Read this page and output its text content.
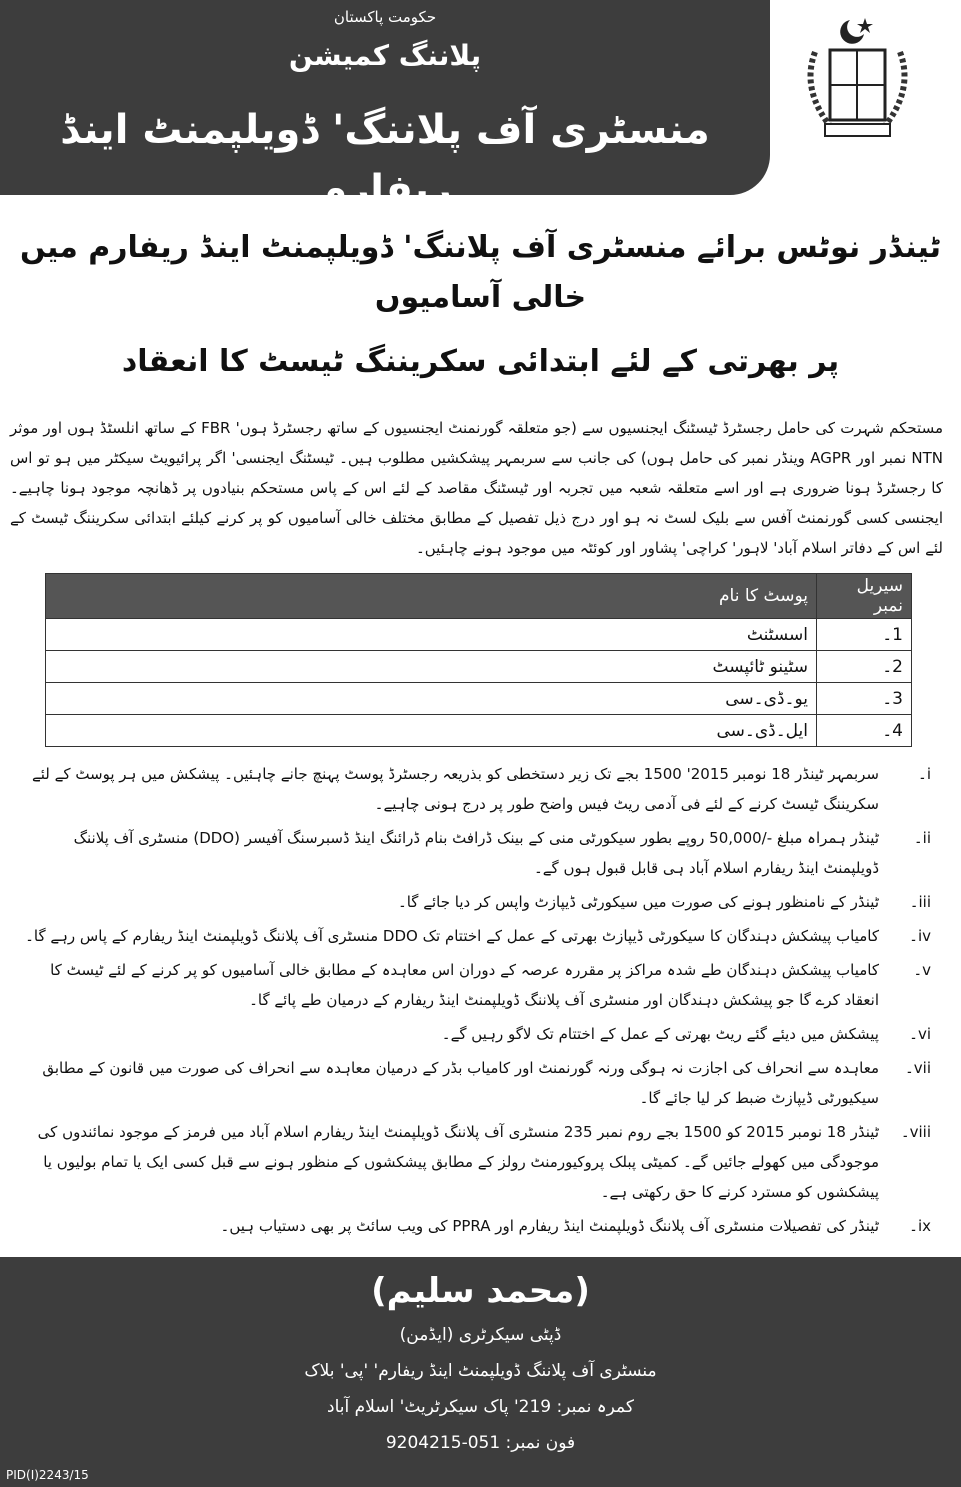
حکومت پاکستان
پلاننگ کمیشن
منسٹری آف پلاننگ' ڈویلپمنٹ اینڈ ریفارم
ٹینڈر نوٹس برائے منسٹری آف پلاننگ' ڈویلپمنٹ اینڈ ریفارم میں خالی آسامیوں
پر بھرتی کے لئے ابتدائی سکریننگ ٹیسٹ کا انعقاد
مستحکم شہرت کی حامل رجسٹرڈ ٹیسٹنگ ایجنسیوں سے (جو متعلقہ گورنمنٹ ایجنسیوں کے ساتھ رجسٹرڈ ہوں' FBR کے ساتھ انلسٹڈ ہوں اور موثر NTN نمبر اور AGPR وینڈر نمبر کی حامل ہوں) کی جانب سے سربمہر پیشکشیں مطلوب ہیں۔ ٹیسٹنگ ایجنسی' اگر پرائیویٹ سیکٹر میں ہو تو اس کا رجسٹرڈ ہونا ضروری ہے اور اسے متعلقہ شعبہ میں تجربہ اور ٹیسٹنگ مقاصد کے لئے اس کے پاس مستحکم بنیادوں پر ڈھانچہ موجود ہونا چاہیے۔ ایجنسی کسی گورنمنٹ آفس سے بلیک لسٹ نہ ہو اور درج ذیل تفصیل کے مطابق مختلف خالی آسامیوں کو پر کرنے کیلئے ابتدائی سکریننگ ٹیسٹ کے لئے اس کے دفاتر اسلام آباد' لاہور' کراچی' پشاور اور کوئٹہ میں موجود ہونے چاہئیں۔
سیریل نمبر	پوسٹ کا نام
1۔	اسسٹنٹ
2۔	سٹینو ٹائپسٹ
3۔	یو۔ڈی۔سی
4۔	ایل۔ڈی۔سی
i۔
سربمہر ٹینڈر 18 نومبر 2015' 1500 بجے تک زیر دستخطی کو بذریعہ رجسٹرڈ پوسٹ پہنچ جانے چاہئیں۔ پیشکش میں ہر پوسٹ کے لئے سکریننگ ٹیسٹ کرنے کے لئے فی آدمی ریٹ فیس واضح طور پر درج ہونی چاہیے۔
ii۔
ٹینڈر ہمراہ مبلغ -/50,000 روپے بطور سیکورٹی منی کے بینک ڈرافٹ بنام ڈرائنگ اینڈ ڈسبرسنگ آفیسر (DDO) منسٹری آف پلاننگ ڈویلپمنٹ اینڈ ریفارم اسلام آباد ہی قابل قبول ہوں گے۔
iii۔
ٹینڈر کے نامنظور ہونے کی صورت میں سیکورٹی ڈیپازٹ واپس کر دیا جائے گا۔
iv۔
کامیاب پیشکش دہندگان کا سیکورٹی ڈیپازٹ بھرتی کے عمل کے اختتام تک DDO منسٹری آف پلاننگ ڈویلپمنٹ اینڈ ریفارم کے پاس رہے گا۔
v۔
کامیاب پیشکش دہندگان طے شدہ مراکز پر مقررہ عرصہ کے دوران اس معاہدہ کے مطابق خالی آسامیوں کو پر کرنے کے لئے ٹیسٹ کا انعقاد کرے گا جو پیشکش دہندگان اور منسٹری آف پلاننگ ڈویلپمنٹ اینڈ ریفارم کے درمیان طے پائے گا۔
vi۔
پیشکش میں دیئے گئے ریٹ بھرتی کے عمل کے اختتام تک لاگو رہیں گے۔
vii۔
معاہدہ سے انحراف کی اجازت نہ ہوگی ورنہ گورنمنٹ اور کامیاب بڈر کے درمیان معاہدہ سے انحراف کی صورت میں قانون کے مطابق سیکیورٹی ڈیپازٹ ضبط کر لیا جائے گا۔
viii۔
ٹینڈر 18 نومبر 2015 کو 1500 بجے روم نمبر 235 منسٹری آف پلاننگ ڈویلپمنٹ اینڈ ریفارم اسلام آباد میں فرمز کے موجود نمائندوں کی موجودگی میں کھولے جائیں گے۔ کمیٹی پبلک پروکیورمنٹ رولز کے مطابق پیشکشوں کے منظور ہونے سے قبل کسی ایک یا تمام بولیوں یا پیشکشوں کو مسترد کرنے کا حق رکھتی ہے۔
ix۔
ٹینڈر کی تفصیلات منسٹری آف پلاننگ ڈویلپمنٹ اینڈ ریفارم اور PPRA کی ویب سائٹ پر بھی دستیاب ہیں۔
(محمد سلیم)
ڈپٹی سیکرٹری (ایڈمن)
منسٹری آف پلاننگ ڈویلپمنٹ اینڈ ریفارم' 'پی' بلاک
کمرہ نمبر: 219' پاک سیکرٹریٹ' اسلام آباد
فون نمبر: 051-9204215
PID(I)2243/15
